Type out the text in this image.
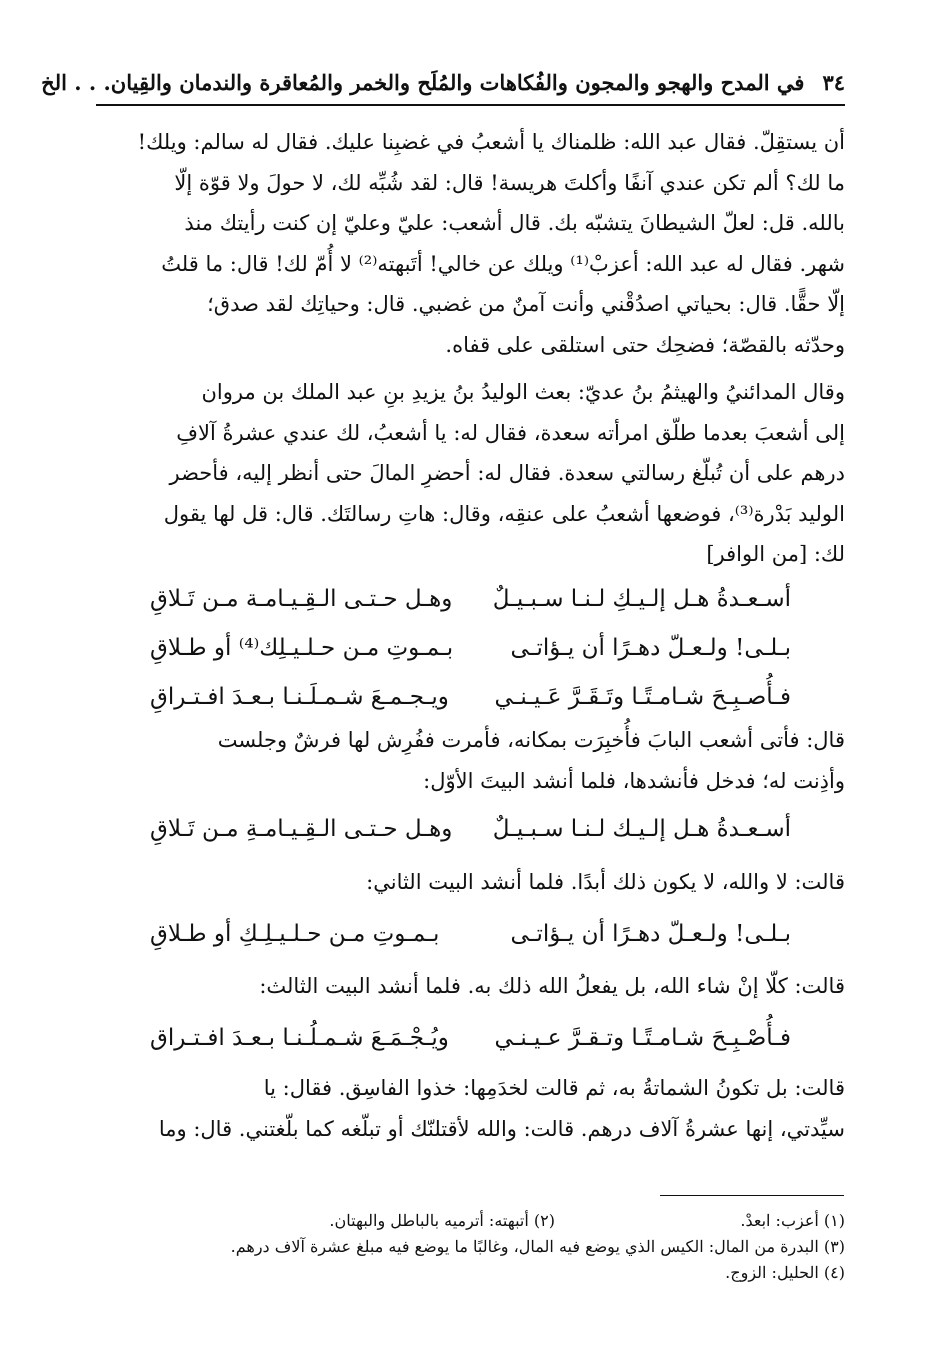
٣٤
في المدح والهجو والمجون والفُكاهات والمُلَح والخمر والمُعاقرة والندمان والقِيان. . . الخ
أن يستقِلّ. فقال عبد الله: ظلمناك يا أشعبُ في غضبِنا عليك. فقال له سالم: ويلك!
ما لك؟ ألم تكن عندي آنفًا وأكلتَ هريسة! قال: لقد شُبِّه لك، لا حولَ ولا قوّة إلّا
بالله. قل: لعلّ الشيطانَ يتشبّه بك. قال أشعب: عليّ وعليّ إن كنت رأيتك منذ
شهر. فقال له عبد الله: أعزبْ⁽¹⁾ ويلك عن خالي! أتَبهته⁽²⁾ لا أُمّ لك! قال: ما قلتُ
إلّا حقًّا. قال: بحياتي اصدُقْني وأنت آمنٌ من غضبي. قال: وحياتِك لقد صدق؛
وحدّثه بالقصّة؛ فضحِك حتى استلقى على قفاه.
وقال المدائنيُ والهيثمُ بنُ عديّ: بعث الوليدُ بنُ يزيدِ بنِ عبد الملك بن مروان
إلى أشعبَ بعدما طلّق امرأته سعدة، فقال له: يا أشعبُ، لك عندي عشرةُ آلافِ
درهم على أن تُبلّغ رسالتي سعدة. فقال له: أحضرِ المالَ حتى أنظر إليه، فأحضر
الوليد بَدْرة⁽³⁾، فوضعها أشعبُ على عنقِه، وقال: هاتِ رسالتَك. قال: قل لها يقول
لك: [من الوافر]
أسـعـدةُ هـل إلـيـكِ لـنـا سـبـيـلٌ
وهـل حـتـى الـقِـيـامـة مـن تَـلاقِ
بـلـى! ولـعـلّ دهـرًا أن يـؤاتـى
بـمـوتِ مـن حـلـيـلِك⁽⁴⁾ أو طـلاقِ
فـأُصـبِـحَ شـامـتًـا وتَـقَـرَّ عَـيـنـي
ويـجـمـعَ شـمـلَـنـا بـعـدَ افـتـراقِ
قال: فأتى أشعب البابَ فأُخبِرَت بمكانه، فأمرت ففُرِش لها فرشٌ وجلست
وأذِنت له؛ فدخل فأنشدها، فلما أنشد البيتَ الأوّل:
أسـعـدةُ هـل إلـيـك لـنـا سـبـيـلٌ
وهـل حـتـى الـقِـيـامـةِ مـن تَـلاقِ
قالت: لا والله، لا يكون ذلك أبدًا. فلما أنشد البيت الثاني:
بـلـى! ولـعـلّ دهـرًا أن يـؤاتـى
بـمـوتِ مـن حـلـيـلِـكِ أو طـلاقِ
قالت: كلّا إنْ شاء الله، بل يفعلُ الله ذلك به. فلما أنشد البيت الثالث:
فـأُصْـبِـحَ شـامـتًـا وتـقـرَّ عـيـنـي
ويُـجْـمَـعَ شـمـلُـنـا بـعـدَ افـتـراق
قالت: بل تكونُ الشماتةُ به، ثم قالت لخدَمِها: خذوا الفاسِق. فقال: يا
سيِّدتي، إنها عشرةُ آلاف درهم. قالت: والله لأقتلنّك أو تبلّغه كما بلّغتني. قال: وما
(١) أعزب: ابعدْ.
(٢) أتبهته: أترميه بالباطل والبهتان.
(٣) البدرة من المال: الكيس الذي يوضع فيه المال، وغالبًا ما يوضع فيه مبلغ عشرة آلاف درهم.
(٤) الحليل: الزوج.
